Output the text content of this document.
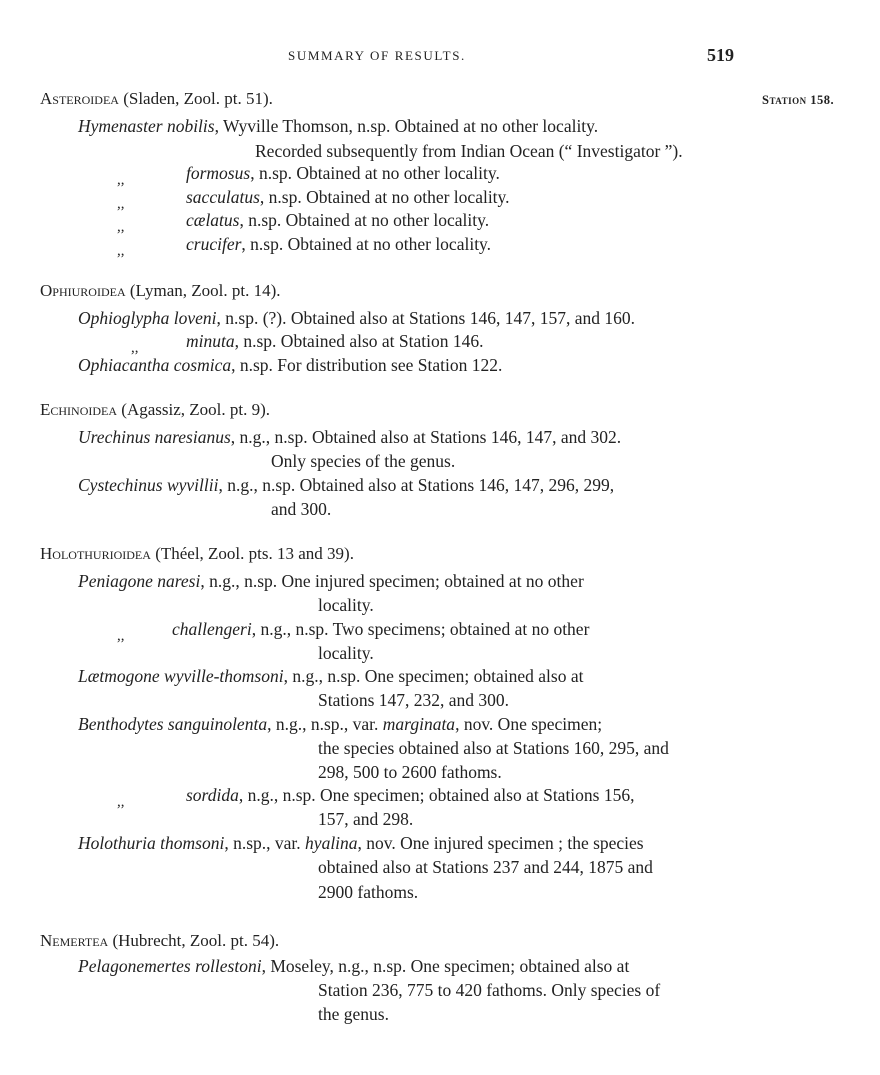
SUMMARY OF RESULTS.	519
Station 158.
Asteroidea (Sladen, Zool. pt. 51).
Hymenaster nobilis, Wyville Thomson, n.sp. Obtained at no other locality.
Recorded subsequently from Indian Ocean (“ Investigator ”).
,,	formosus, n.sp. Obtained at no other locality.
,,	sacculatus, n.sp. Obtained at no other locality.
,,	cælatus, n.sp. Obtained at no other locality.
,,	crucifer, n.sp. Obtained at no other locality.
Ophiuroidea (Lyman, Zool. pt. 14).
Ophioglypha loveni, n.sp. (?). Obtained also at Stations 146, 147, 157, and 160.
,,	minuta, n.sp. Obtained also at Station 146.
Ophiacantha cosmica, n.sp. For distribution see Station 122.
Echinoidea (Agassiz, Zool. pt. 9).
Urechinus naresianus, n.g., n.sp. Obtained also at Stations 146, 147, and 302.
Only species of the genus.
Cystechinus wyvillii, n.g., n.sp. Obtained also at Stations 146, 147, 296, 299,
and 300.
Holothurioidea (Théel, Zool. pts. 13 and 39).
Peniagone naresi, n.g., n.sp. One injured specimen; obtained at no other
locality.
,,	challengeri, n.g., n.sp. Two specimens; obtained at no other
locality.
Lætmogone wyville-thomsoni, n.g., n.sp. One specimen; obtained also at
Stations 147, 232, and 300.
Benthodytes sanguinolenta, n.g., n.sp., var. marginata, nov. One specimen;
the species obtained also at Stations 160, 295, and
298, 500 to 2600 fathoms.
,,	sordida, n.g., n.sp. One specimen; obtained also at Stations 156,
157, and 298.
Holothuria thomsoni, n.sp., var. hyalina, nov. One injured specimen ; the species
obtained also at Stations 237 and 244, 1875 and
2900 fathoms.
Nemertea (Hubrecht, Zool. pt. 54).
Pelagonemertes rollestoni, Moseley, n.g., n.sp. One specimen; obtained also at
Station 236, 775 to 420 fathoms. Only species of
the genus.
